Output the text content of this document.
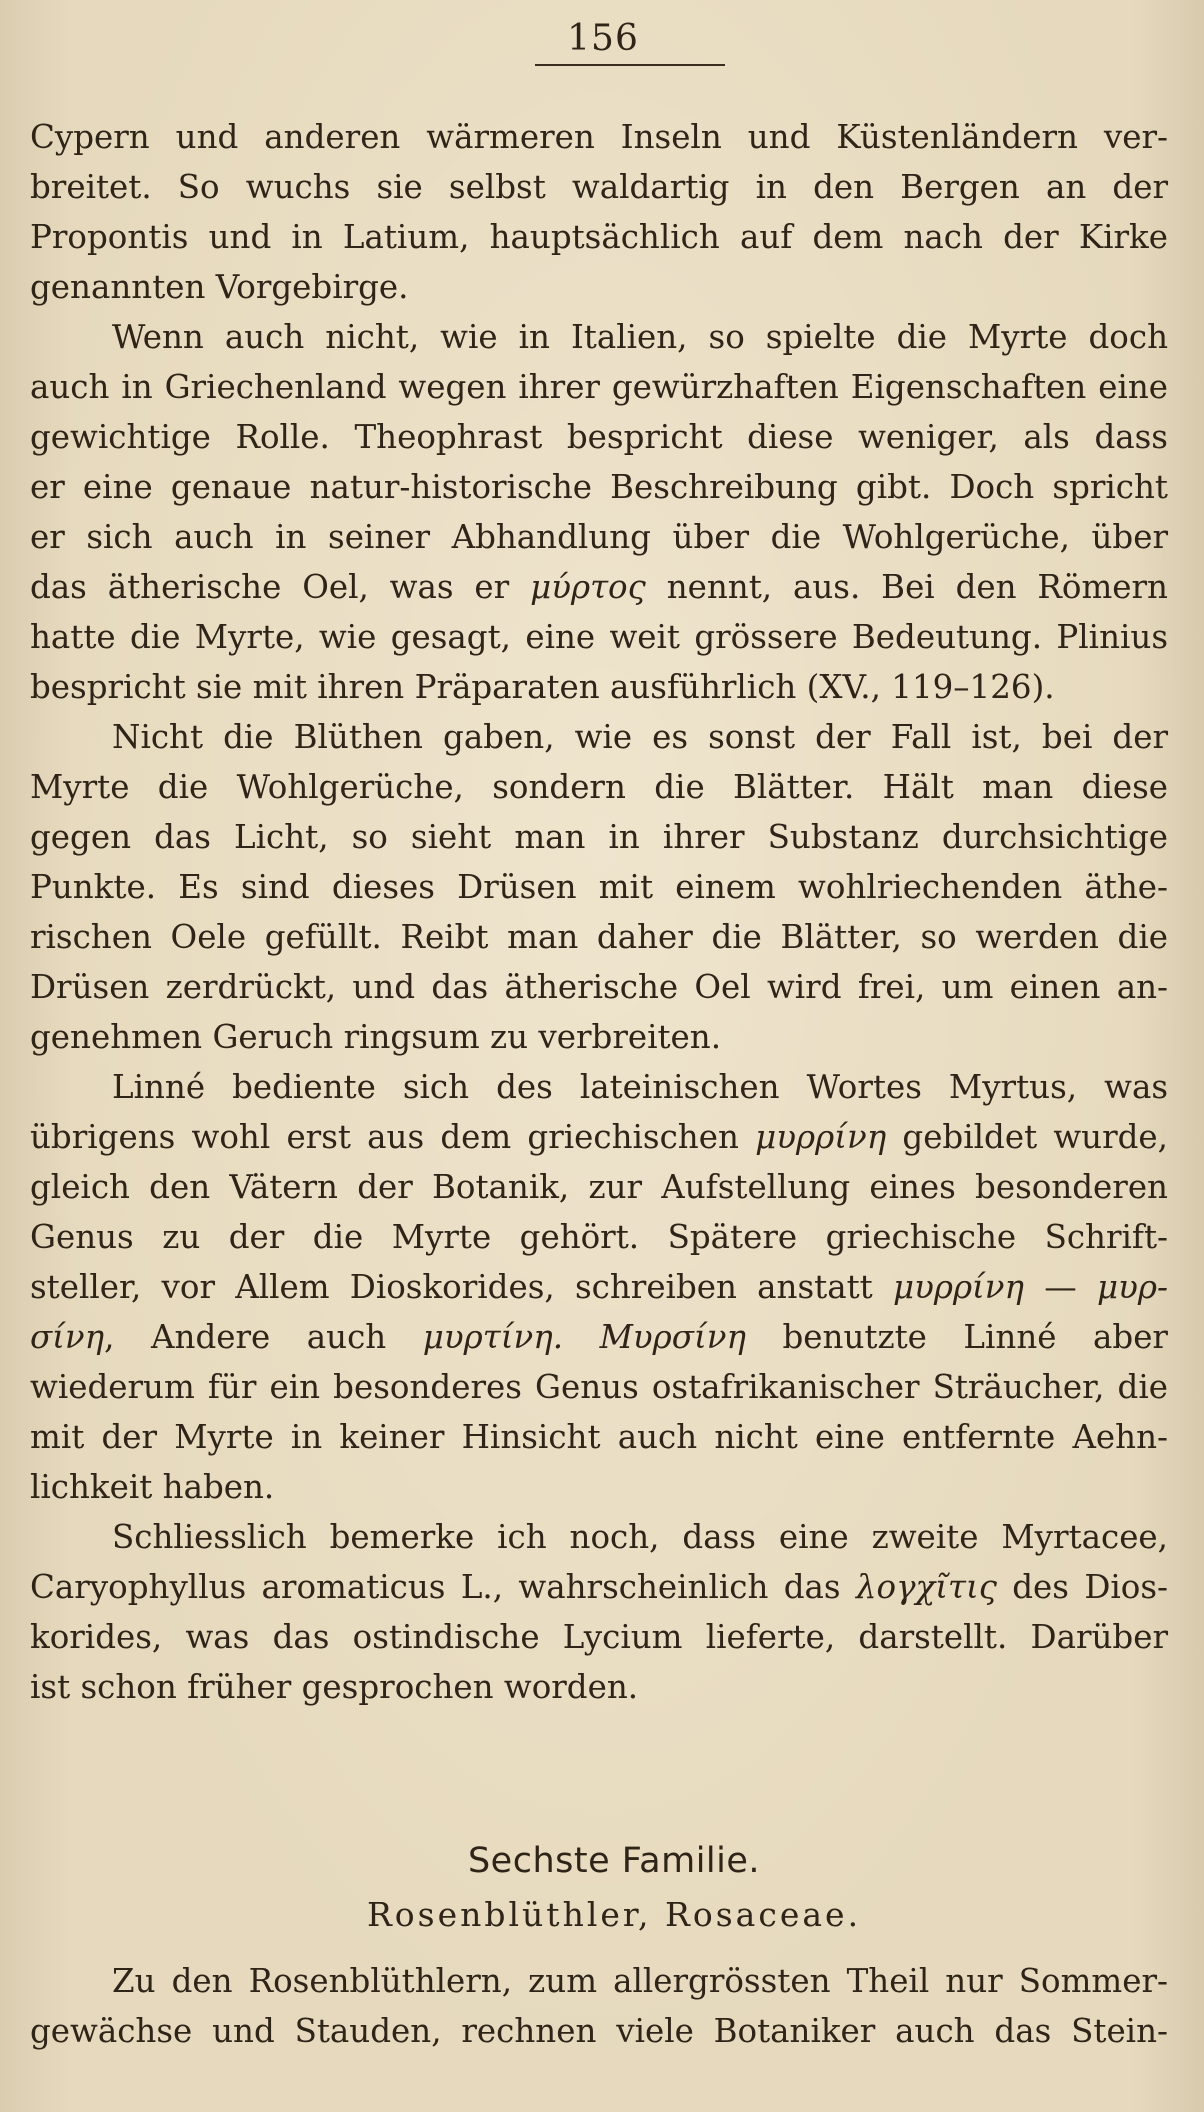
156
Cypern und anderen wärmeren Inseln und Küstenländern ver-
breitet. So wuchs sie selbst waldartig in den Bergen an der
Propontis und in Latium, hauptsächlich auf dem nach der Kirke
genannten Vorgebirge.
Wenn auch nicht, wie in Italien, so spielte die Myrte doch
auch in Griechenland wegen ihrer gewürzhaften Eigenschaften eine
gewichtige Rolle. Theophrast bespricht diese weniger, als dass
er eine genaue natur-historische Beschreibung gibt. Doch spricht
er sich auch in seiner Abhandlung über die Wohlgerüche, über
das ätherische Oel, was er μύρτος nennt, aus. Bei den Römern
hatte die Myrte, wie gesagt, eine weit grössere Bedeutung. Plinius
bespricht sie mit ihren Präparaten ausführlich (XV., 119–126).
Nicht die Blüthen gaben, wie es sonst der Fall ist, bei der
Myrte die Wohlgerüche, sondern die Blätter. Hält man diese
gegen das Licht, so sieht man in ihrer Substanz durchsichtige
Punkte. Es sind dieses Drüsen mit einem wohlriechenden äthe-
rischen Oele gefüllt. Reibt man daher die Blätter, so werden die
Drüsen zerdrückt, und das ätherische Oel wird frei, um einen an-
genehmen Geruch ringsum zu verbreiten.
Linné bediente sich des lateinischen Wortes Myrtus, was
übrigens wohl erst aus dem griechischen μυρρίνη gebildet wurde,
gleich den Vätern der Botanik, zur Aufstellung eines besonderen
Genus zu der die Myrte gehört. Spätere griechische Schrift-
steller, vor Allem Dioskorides, schreiben anstatt μυρρίνη — μυρ-
σίνη, Andere auch μυρτίνη. Μυρσίνη benutzte Linné aber
wiederum für ein besonderes Genus ostafrikanischer Sträucher, die
mit der Myrte in keiner Hinsicht auch nicht eine entfernte Aehn-
lichkeit haben.
Schliesslich bemerke ich noch, dass eine zweite Myrtacee,
Caryophyllus aromaticus L., wahrscheinlich das λογχῖτις des Dios-
korides, was das ostindische Lycium lieferte, darstellt. Darüber
ist schon früher gesprochen worden.
Sechste Familie.
Rosenblüthler, Rosaceae.
Zu den Rosenblüthlern, zum allergrössten Theil nur Sommer-
gewächse und Stauden, rechnen viele Botaniker auch das Stein-
